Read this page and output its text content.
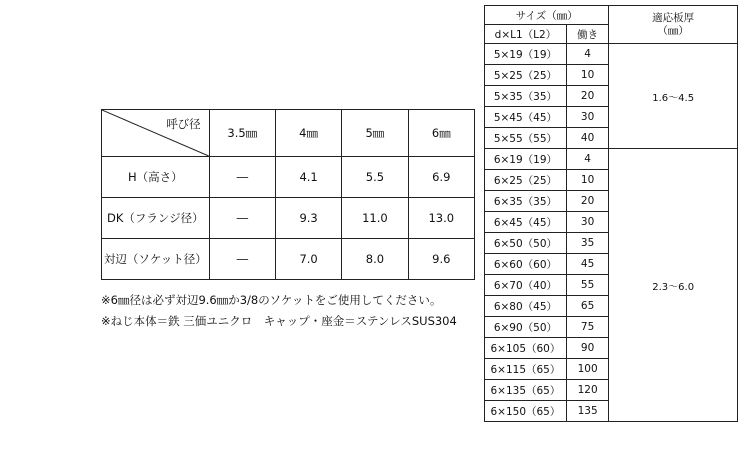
呼び径	3.5㎜	4㎜	5㎜	6㎜
H（高さ）	―	4.1	5.5	6.9
DK（フランジ径）	―	9.3	11.0	13.0
対辺（ソケット径）	―	7.0	8.0	9.6
※6㎜径は必ず対辺9.6㎜か3/8のソケットをご使用してください。
※ねじ本体＝鉄 三価ユニクロ　キャップ・座金＝ステンレスSUS304
サイズ（㎜）		適応板厚
（㎜）
d×L1（L2）	働き	
5×19（19）	4	1.6～4.5
5×25（25）	10	
5×35（35）	20	
5×45（45）	30	
5×55（55）	40	
6×19（19）	4	2.3～6.0
6×25（25）	10	
6×35（35）	20	
6×45（45）	30	
6×50（50）	35	
6×60（60）	45	
6×70（40）	55	
6×80（45）	65	
6×90（50）	75	
6×105（60）	90	
6×115（65）	100	
6×135（65）	120	
6×150（65）	135	
